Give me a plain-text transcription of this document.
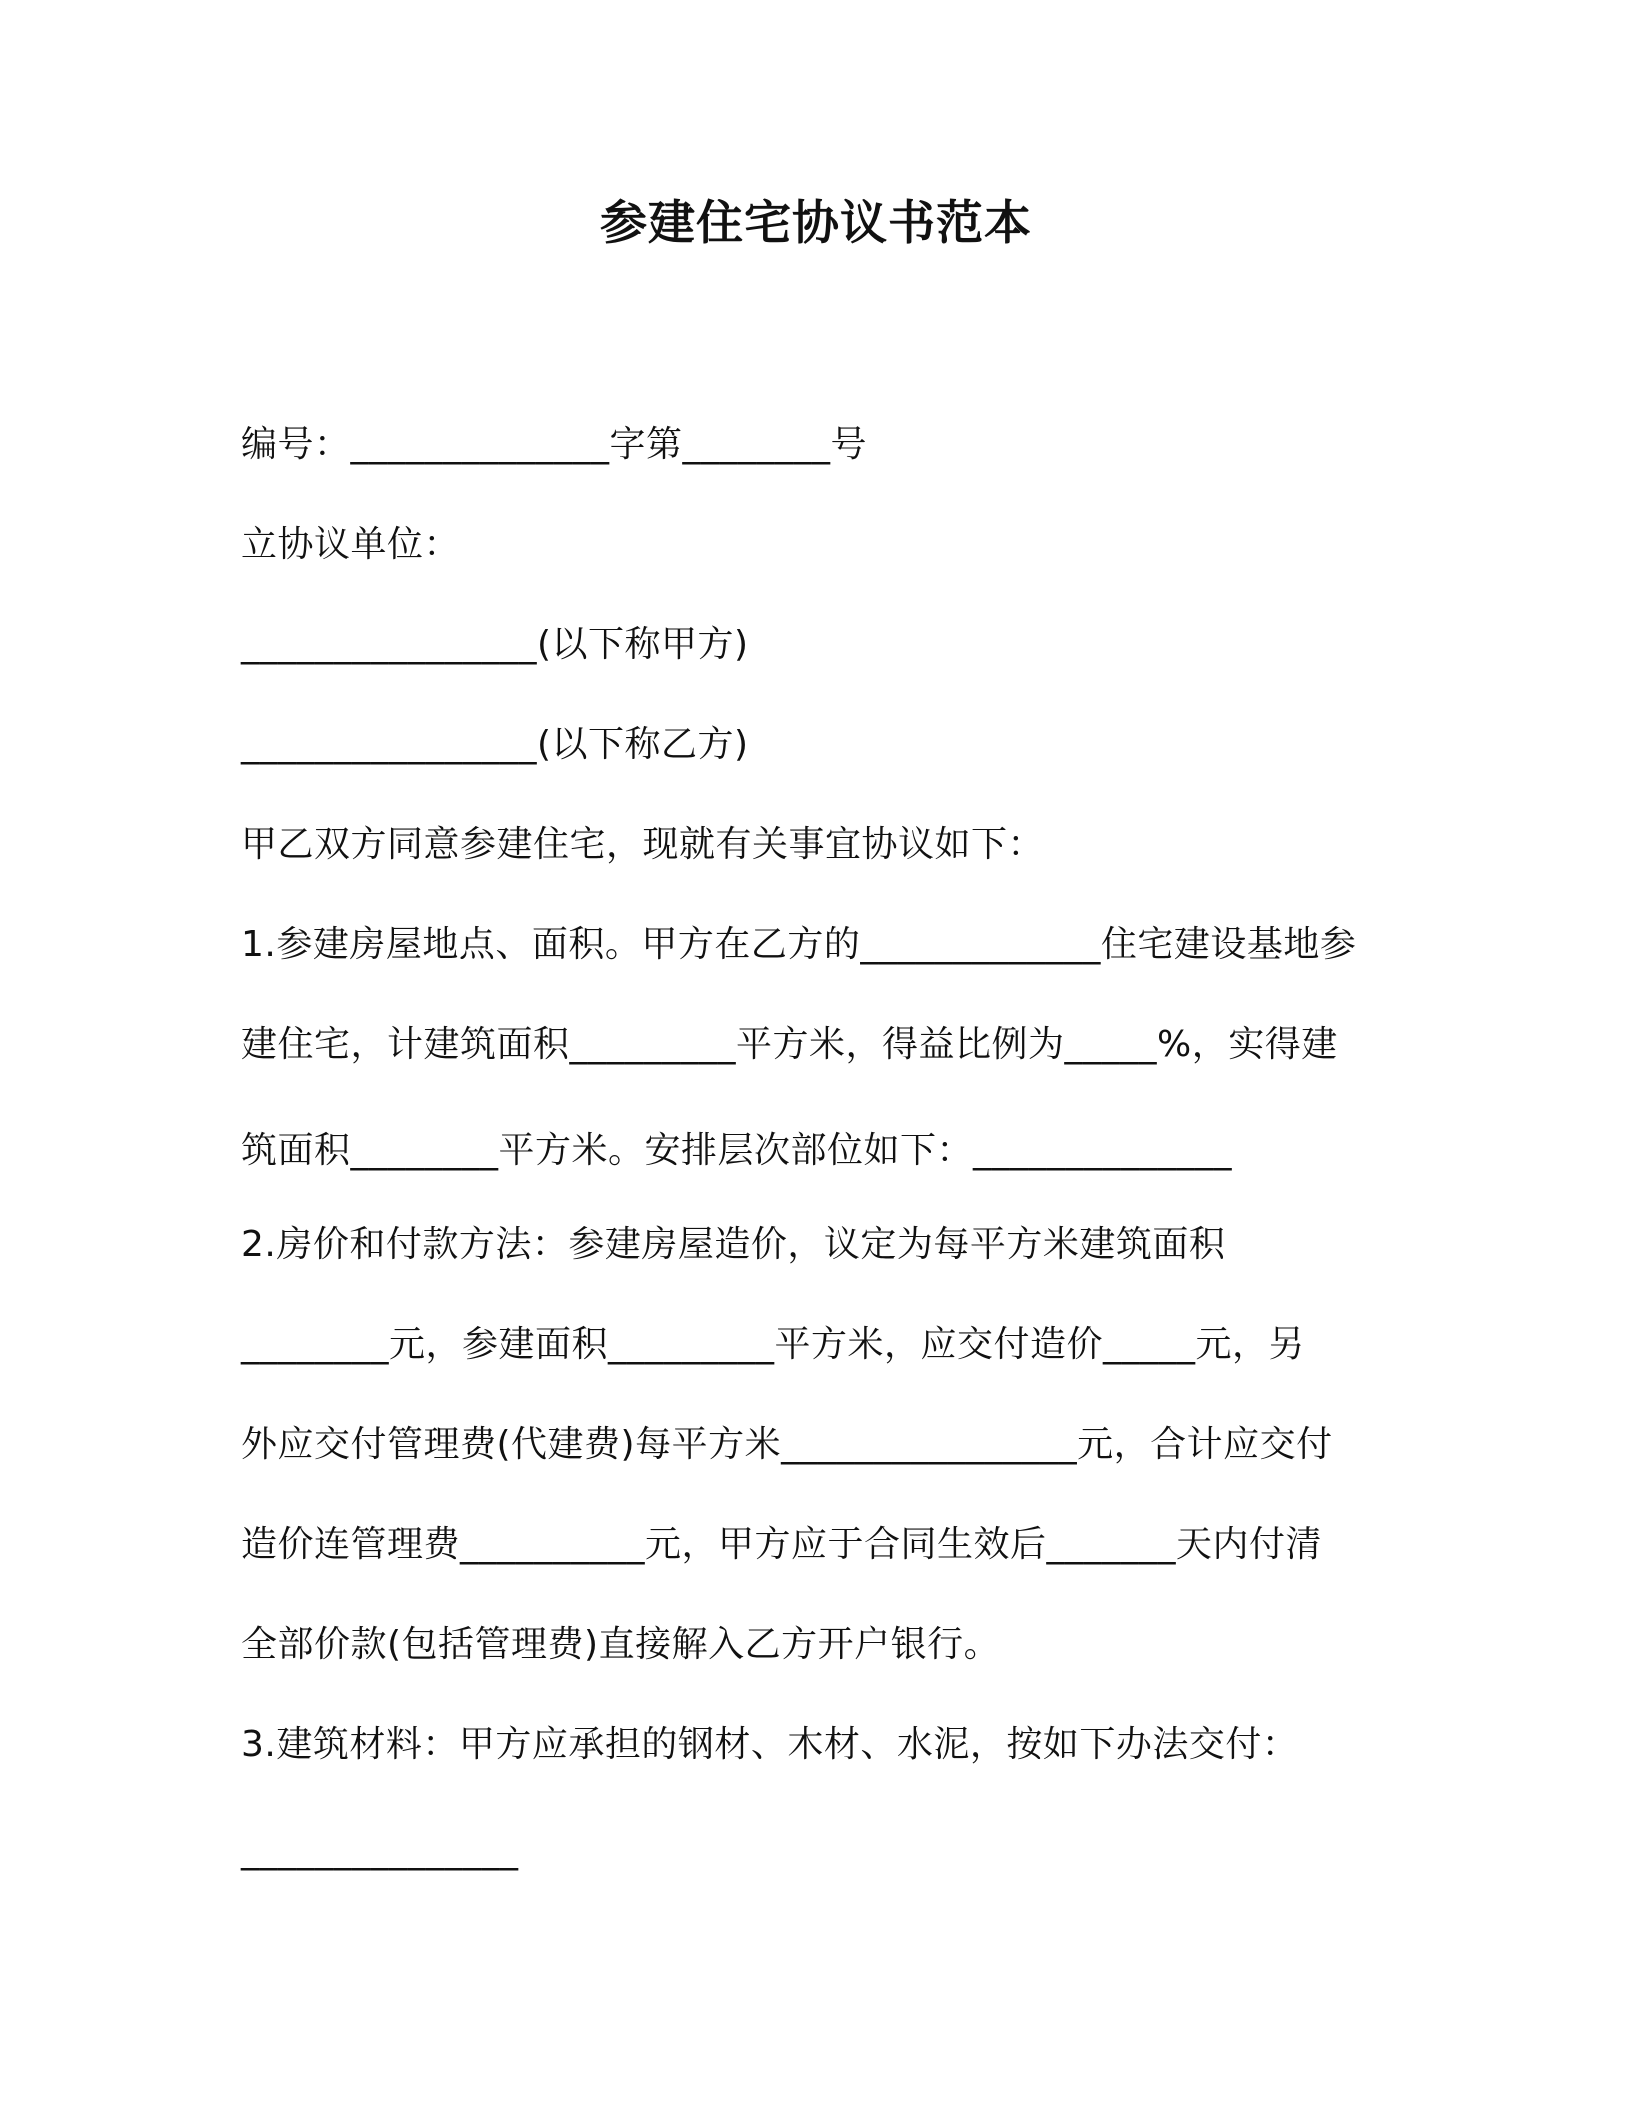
参建住宅协议书范本
编号：______________字第________号
立协议单位：
________________(以下称甲方)
________________(以下称乙方)
甲乙双方同意参建住宅，现就有关事宜协议如下：
1.参建房屋地点、面积。甲方在乙方的_____________住宅建设基地参
建住宅，计建筑面积_________平方米，得益比例为_____%，实得建
筑面积________平方米。安排层次部位如下：______________
2.房价和付款方法：参建房屋造价，议定为每平方米建筑面积
________元，参建面积_________平方米，应交付造价_____元，另
外应交付管理费(代建费)每平方米________________元，合计应交付
造价连管理费__________元，甲方应于合同生效后_______天内付清
全部价款(包括管理费)直接解入乙方开户银行。
3.建筑材料：甲方应承担的钢材、木材、水泥，按如下办法交付：
_______________
